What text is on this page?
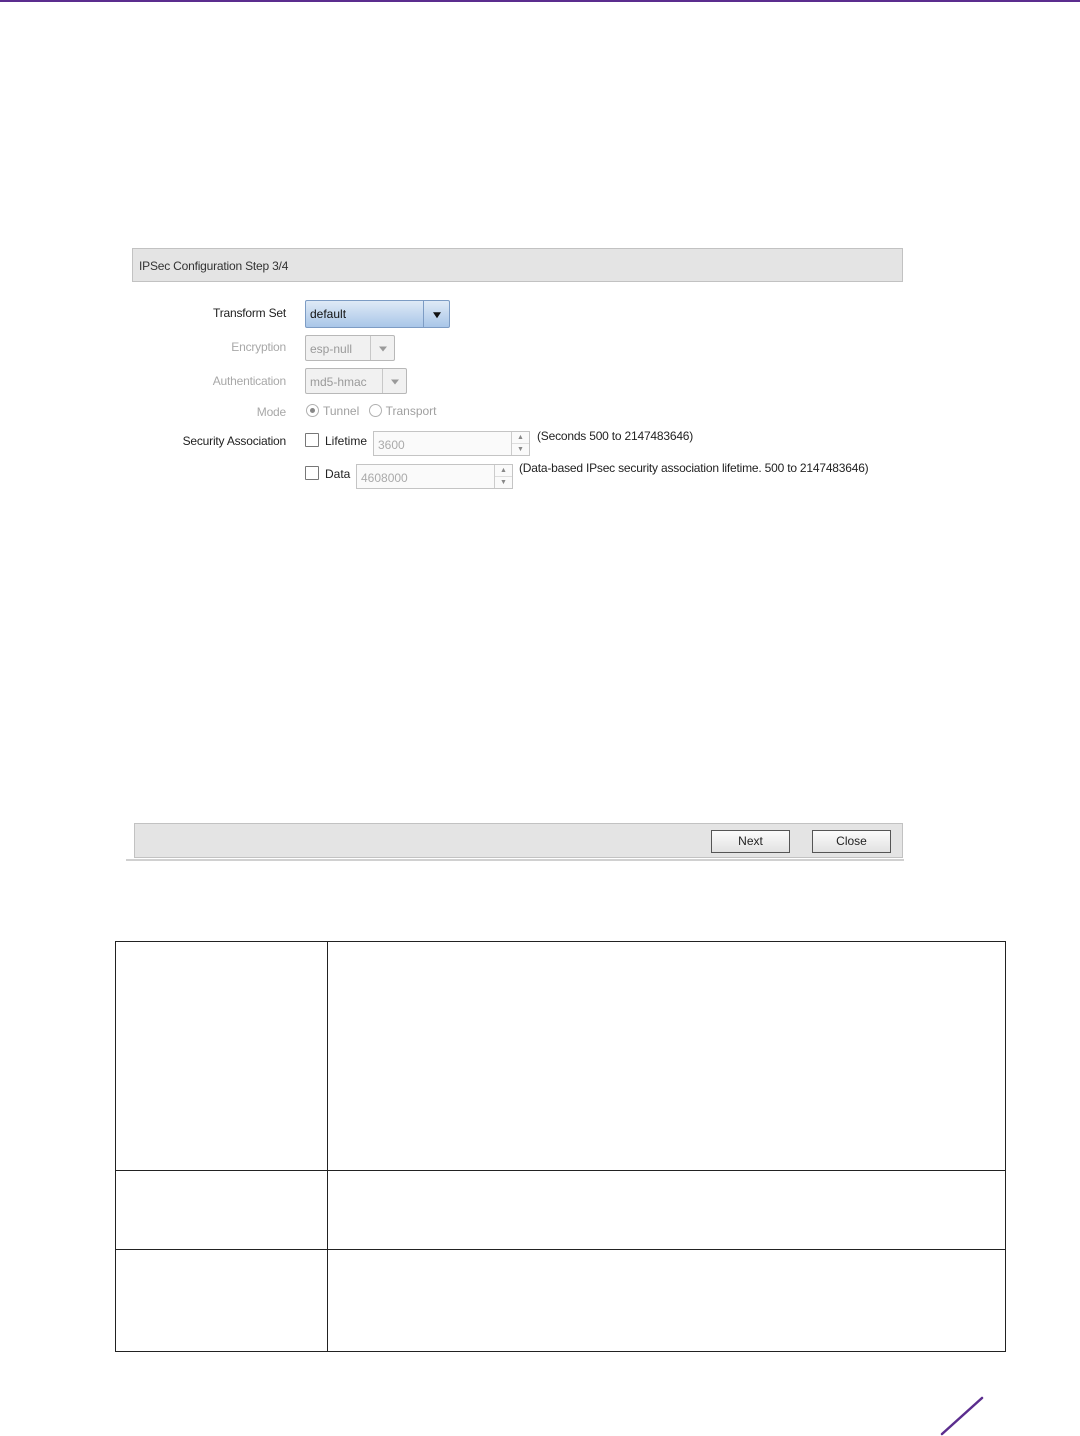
IPSec Configuration Step 3/4
Transform Set default
Encryption esp-null
Authentication md5-hmac
Mode	Tunnel Transport
Security Association	Lifetime 3600
▲
▼
(Seconds 500 to 2147483646)
Data 4608000
▲
▼
(Data-based IPsec security association lifetime. 500 to 2147483646)
Next	Close
